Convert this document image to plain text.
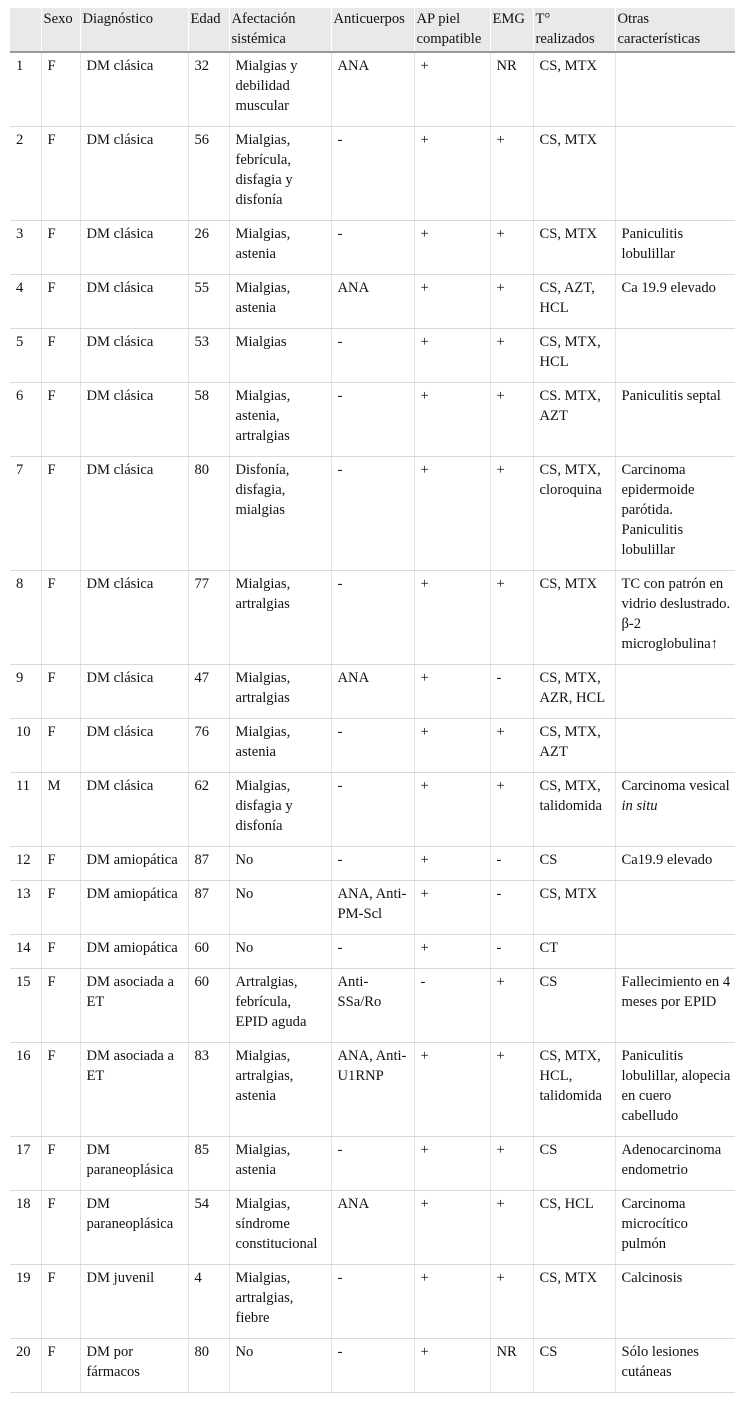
	Sexo	Diagnóstico	Edad	Afectación sistémica	Anticuerpos	AP piel compatible	EMG	T° realizados	Otras características
1	F	DM clásica	32	Mialgias y debilidad muscular	ANA	+	NR	CS, MTX	
2	F	DM clásica	56	Mialgias, febrícula, disfagia y disfonía	-	+	+	CS, MTX	
3	F	DM clásica	26	Mialgias, astenia	-	+	+	CS, MTX	Paniculitis lobulillar
4	F	DM clásica	55	Mialgias, astenia	ANA	+	+	CS, AZT, HCL	Ca 19.9 elevado
5	F	DM clásica	53	Mialgias	-	+	+	CS, MTX, HCL	
6	F	DM clásica	58	Mialgias, astenia, artralgias	-	+	+	CS. MTX, AZT	Paniculitis septal
7	F	DM clásica	80	Disfonía, disfagia, mialgias	-	+	+	CS, MTX, cloroquina	Carcinoma epidermoide parótida. Paniculitis lobulillar
8	F	DM clásica	77	Mialgias, artralgias	-	+	+	CS, MTX	TC con patrón en vidrio deslustrado. β-2 microglobulina↑
9	F	DM clásica	47	Mialgias, artralgias	ANA	+	-	CS, MTX, AZR, HCL	
10	F	DM clásica	76	Mialgias, astenia	-	+	+	CS, MTX, AZT	
11	M	DM clásica	62	Mialgias, disfagia y disfonía	-	+	+	CS, MTX, talidomida	Carcinoma vesical in situ
12	F	DM amiopática	87	No	-	+	-	CS	Ca19.9 elevado
13	F	DM amiopática	87	No	ANA, Anti-PM-Scl	+	-	CS, MTX	
14	F	DM amiopática	60	No	-	+	-	CT	
15	F	DM asociada a ET	60	Artralgias, febrícula, EPID aguda	Anti-SSa/Ro	-	+	CS	Fallecimiento en 4 meses por EPID
16	F	DM asociada a ET	83	Mialgias, artralgias, astenia	ANA, Anti-U1RNP	+	+	CS, MTX, HCL, talidomida	Paniculitis lobulillar, alopecia en cuero cabelludo
17	F	DM paraneoplásica	85	Mialgias, astenia	-	+	+	CS	Adenocarcinoma endometrio
18	F	DM paraneoplásica	54	Mialgias, síndrome constitucional	ANA	+	+	CS, HCL	Carcinoma microcítico pulmón
19	F	DM juvenil	4	Mialgias, artralgias, fiebre	-	+	+	CS, MTX	Calcinosis
20	F	DM por fármacos	80	No	-	+	NR	CS	Sólo lesiones cutáneas
